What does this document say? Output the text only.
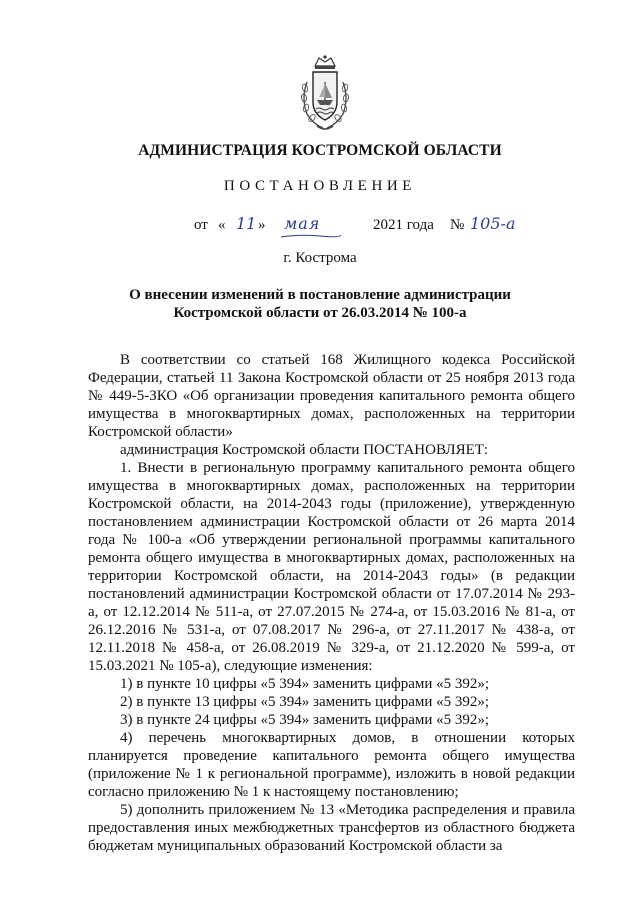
АДМИНИСТРАЦИЯ КОСТРОМСКОЙ ОБЛАСТИ
ПОСТАНОВЛЕНИЕ
от « 11 » мая	2021 года № 105-а
г. Кострома
О внесении изменений в постановление администрации
Костромской области от 26.03.2014 № 100-а

В соответствии со статьей 168 Жилищного кодекса Российской Федерации, статьей 11 Закона Костромской области от 25 ноября 2013 года № 449-5-ЗКО «Об организации проведения капитального ремонта общего имущества в многоквартирных домах, расположенных на территории Костромской области»

администрация Костромской области ПОСТАНОВЛЯЕТ:

1. Внести в региональную программу капитального ремонта общего имущества в многоквартирных домах, расположенных на территории Костромской области, на 2014-2043 годы (приложение), утвержденную постановлением администрации Костромской области от 26 марта 2014 года № 100-а «Об утверждении региональной программы капитального ремонта общего имущества в многоквартирных домах, расположенных на территории Костромской области, на 2014-2043 годы» (в редакции постановлений администрации Костромской области от 17.07.2014 № 293-а, от 12.12.2014 № 511-а, от 27.07.2015 № 274-а, от 15.03.2016 № 81-а, от 26.12.2016 № 531-а, от 07.08.2017 № 296-а, от 27.11.2017 № 438-а, от 12.11.2018 № 458-а, от 26.08.2019 № 329-а, от 21.12.2020 № 599-а, от 15.03.2021 № 105-а), следующие изменения:

1) в пункте 10 цифры «5 394» заменить цифрами «5 392»;

2) в пункте 13 цифры «5 394» заменить цифрами «5 392»;

3) в пункте 24 цифры «5 394» заменить цифрами «5 392»;

4) перечень многоквартирных домов, в отношении которых планируется проведение капитального ремонта общего имущества (приложение № 1 к региональной программе), изложить в новой редакции согласно приложению № 1 к настоящему постановлению;

5) дополнить приложением № 13 «Методика распределения и правила предоставления иных межбюджетных трансфертов из областного бюджета бюджетам муниципальных образований Костромской области за
